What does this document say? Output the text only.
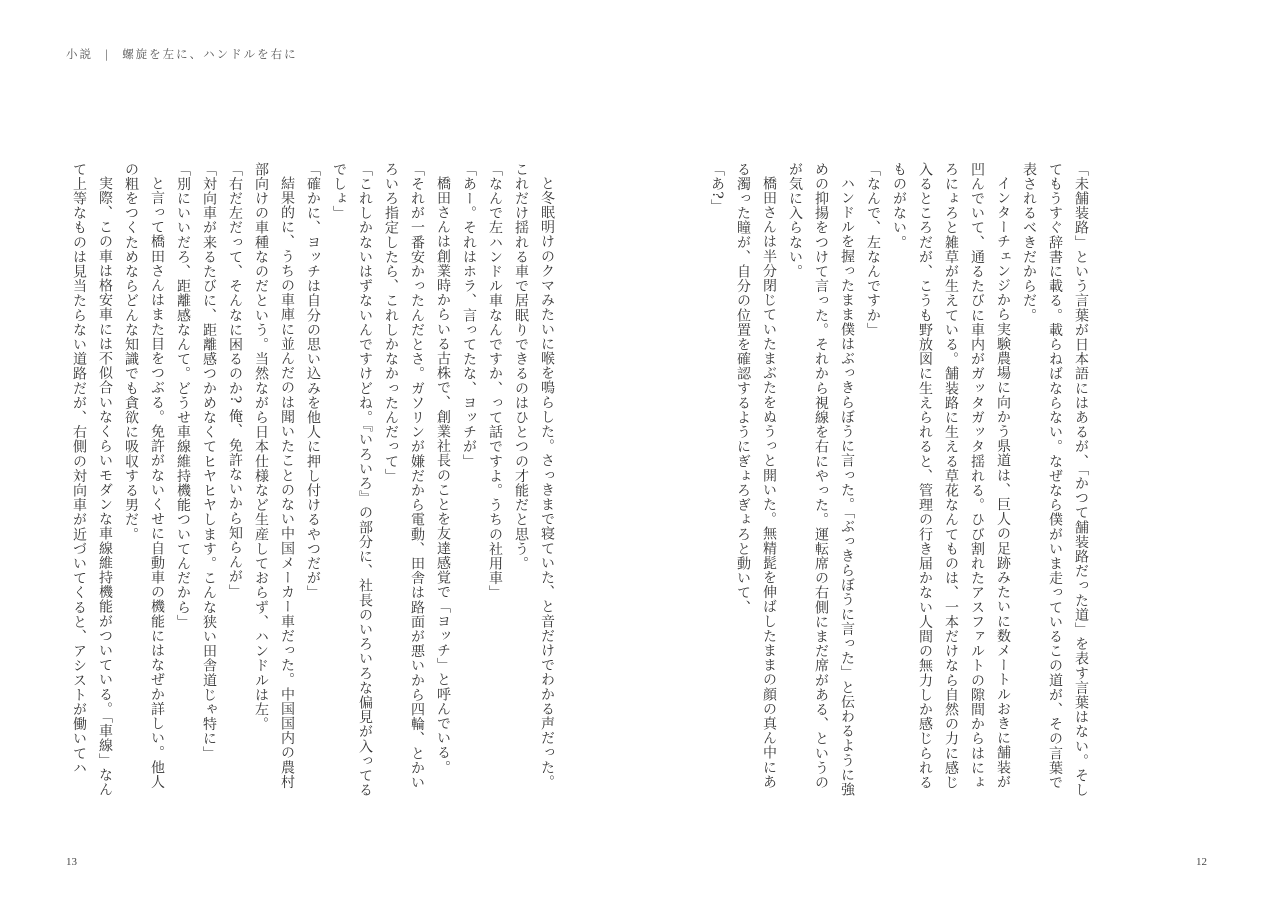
小説 | 螺旋を左に、ハンドルを右に

「未舗装路」という言葉が日本語にはあるが、「かつて舗装路だった道」を表す言葉はない。そしてもうすぐ辞書に載る。載らねばならない。なぜなら僕がいま走っているこの道が、その言葉で表されるべきだからだ。

インターチェンジから実験農場に向かう県道は、巨人の足跡みたいに数メートルおきに舗装が凹んでいて、通るたびに車内がガッタガッタ揺れる。ひび割れたアスファルトの隙間からはにょろにょろと雑草が生えている。舗装路に生える草花なんてものは、一本だけなら自然の力に感じ入るところだが、こうも野放図に生えられると、管理の行き届かない人間の無力しか感じられるものがない。

「なんで、左なんですか」

ハンドルを握ったまま僕はぶっきらぼうに言った。「ぶっきらぼうに言った」と伝わるように強めの抑揚をつけて言った。それから視線を右にやった。運転席の右側にまだ席がある、というのが気に入らない。

橋田さんは半分閉じていたまぶたをぬうっと開いた。無精髭を伸ばしたままの顔の真ん中にある濁った瞳が、自分の位置を確認するようにぎょろぎょろと動いて、

「あ?」

と冬眠明けのクマみたいに喉を鳴らした。さっきまで寝ていた、と音だけでわかる声だった。これだけ揺れる車で居眠りできるのはひとつの才能だと思う。

「なんで左ハンドル車なんですか、って話ですよ。うちの社用車」

「あー。それはホラ、言ってたな、ヨッチが」

橋田さんは創業時からいる古株で、創業社長のことを友達感覚で「ヨッチ」と呼んでいる。

「それが一番安かったんだとさ。ガソリンが嫌だから電動、田舎は路面が悪いから四輪、とかいろいろ指定したら、これしかなかったんだって」

「これしかないはずないんですけどね。『いろいろ』の部分に、社長のいろいろな偏見が入ってるでしょ」

「確かに、ヨッチは自分の思い込みを他人に押し付けるやつだが」

結果的に、うちの車庫に並んだのは聞いたことのない中国メーカー車だった。中国国内の農村部向けの車種なのだという。当然ながら日本仕様など生産しておらず、ハンドルは左。

「右だ左だって、そんなに困るのか? 俺、免許ないから知らんが」

「対向車が来るたびに、距離感つかめなくてヒヤヒヤします。こんな狭い田舎道じゃ特に」

「別にいいだろ、距離感なんて。どうせ車線維持機能ついてんだから」

と言って橋田さんはまた目をつぶる。免許がないくせに自動車の機能にはなぜか詳しい。他人の粗をつくためならどんな知識でも貪欲に吸収する男だ。

実際、この車は格安車には不似合いなくらいモダンな車線維持機能がついている。「車線」なんて上等なものは見当たらない道路だが、右側の対向車が近づいてくると、アシストが働いてハ

13	12
